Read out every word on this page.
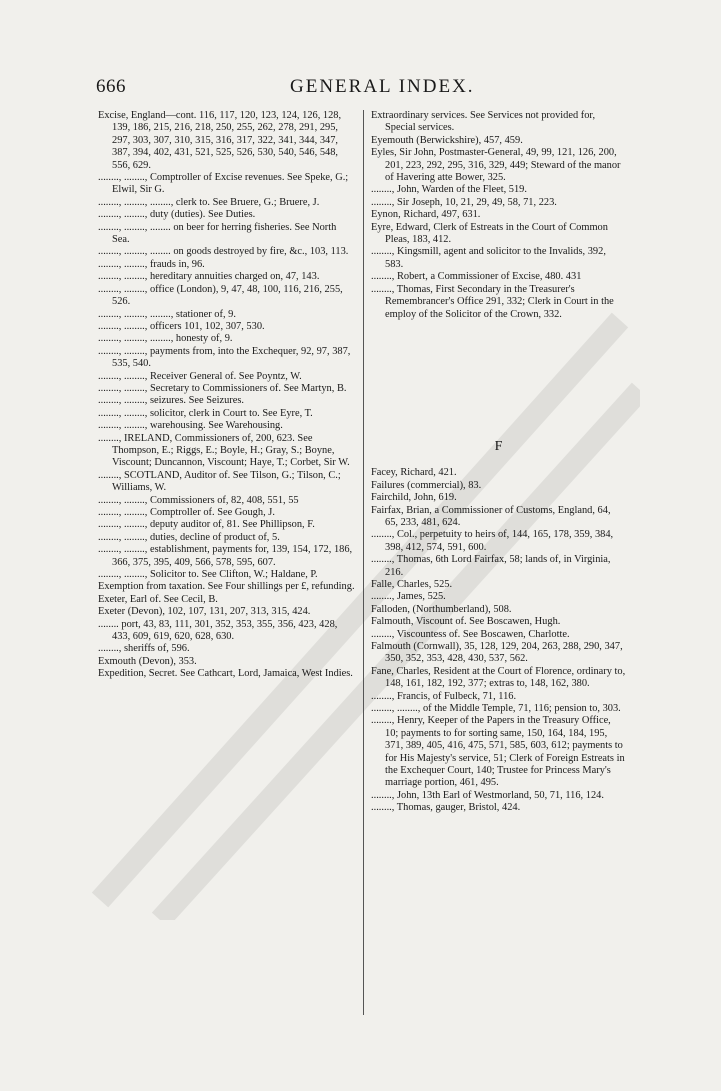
666	GENERAL INDEX.

Excise, England—cont. 116, 117, 120, 123, 124, 126, 128, 139, 186, 215, 216, 218, 250, 255, 262, 278, 291, 295, 297, 303, 307, 310, 315, 316, 317, 322, 341, 344, 347, 387, 394, 402, 431, 521, 525, 526, 530, 540, 546, 548, 556, 629.

........, ........, Comptroller of Excise revenues. See Speke, G.; Elwil, Sir G.

........, ........, ........, clerk to. See Bruere, G.; Bruere, J.

........, ........, duty (duties). See Duties.

........, ........, ........ on beer for herring fisheries. See North Sea.

........, ........, ........ on goods destroyed by fire, &c., 103, 113.

........, ........, frauds in, 96.

........, ........, hereditary annuities charged on, 47, 143.

........, ........, office (London), 9, 47, 48, 100, 116, 216, 255, 526.

........, ........, ........, stationer of, 9.

........, ........, officers 101, 102, 307, 530.

........, ........, ........, honesty of, 9.

........, ........, payments from, into the Exchequer, 92, 97, 387, 535, 540.

........, ........, Receiver General of. See Poyntz, W.

........, ........, Secretary to Commissioners of. See Martyn, B.

........, ........, seizures. See Seizures.

........, ........, solicitor, clerk in Court to. See Eyre, T.

........, ........, warehousing. See Warehousing.

........, IRELAND, Commissioners of, 200, 623. See Thompson, E.; Riggs, E.; Boyle, H.; Gray, S.; Boyne, Viscount; Duncannon, Viscount; Haye, T.; Corbet, Sir W.

........, SCOTLAND, Auditor of. See Tilson, G.; Tilson, C.; Williams, W.

........, ........, Commissioners of, 82, 408, 551, 55

........, ........, Comptroller of. See Gough, J.

........, ........, deputy auditor of, 81. See Phillipson, F.

........, ........, duties, decline of product of, 5.

........, ........, establishment, payments for, 139, 154, 172, 186, 366, 375, 395, 409, 566, 578, 595, 607.

........, ........, Solicitor to. See Clifton, W.; Haldane, P.

Exemption from taxation. See Four shillings per £, refunding.

Exeter, Earl of. See Cecil, B.

Exeter (Devon), 102, 107, 131, 207, 313, 315, 424.

........ port, 43, 83, 111, 301, 352, 353, 355, 356, 423, 428, 433, 609, 619, 620, 628, 630.

........, sheriffs of, 596.

Exmouth (Devon), 353.

Expedition, Secret. See Cathcart, Lord, Jamaica, West Indies.

Extraordinary services. See Services not provided for, Special services.

Eyemouth (Berwickshire), 457, 459.

Eyles, Sir John, Postmaster-General, 49, 99, 121, 126, 200, 201, 223, 292, 295, 316, 329, 449; Steward of the manor of Havering atte Bower, 325.

........, John, Warden of the Fleet, 519.

........, Sir Joseph, 10, 21, 29, 49, 58, 71, 223.

Eynon, Richard, 497, 631.

Eyre, Edward, Clerk of Estreats in the Court of Common Pleas, 183, 412.

........, Kingsmill, agent and solicitor to the Invalids, 392, 583.

........, Robert, a Commissioner of Excise, 480. 431

........, Thomas, First Secondary in the Treasurer's Remembrancer's Office 291, 332; Clerk in Court in the employ of the Solicitor of the Crown, 332.

F

Facey, Richard, 421.

Failures (commercial), 83.

Fairchild, John, 619.

Fairfax, Brian, a Commissioner of Customs, England, 64, 65, 233, 481, 624.

........, Col., perpetuity to heirs of, 144, 165, 178, 359, 384, 398, 412, 574, 591, 600.

........, Thomas, 6th Lord Fairfax, 58; lands of, in Virginia, 216.

Falle, Charles, 525.

........, James, 525.

Falloden, (Northumberland), 508.

Falmouth, Viscount of. See Boscawen, Hugh.

........, Viscountess of. See Boscawen, Charlotte.

Falmouth (Cornwall), 35, 128, 129, 204, 263, 288, 290, 347, 350, 352, 353, 428, 430, 537, 562.

Fane, Charles, Resident at the Court of Florence, ordinary to, 148, 161, 182, 192, 377; extras to, 148, 162, 380.

........, Francis, of Fulbeck, 71, 116.

........, ........, of the Middle Temple, 71, 116; pension to, 303.

........, Henry, Keeper of the Papers in the Treasury Office, 10; payments to for sorting same, 150, 164, 184, 195, 371, 389, 405, 416, 475, 571, 585, 603, 612; payments to for His Majesty's service, 51; Clerk of Foreign Estreats in the Exchequer Court, 140; Trustee for Princess Mary's marriage portion, 461, 495.

........, John, 13th Earl of Westmorland, 50, 71, 116, 124.

........, Thomas, gauger, Bristol, 424.
